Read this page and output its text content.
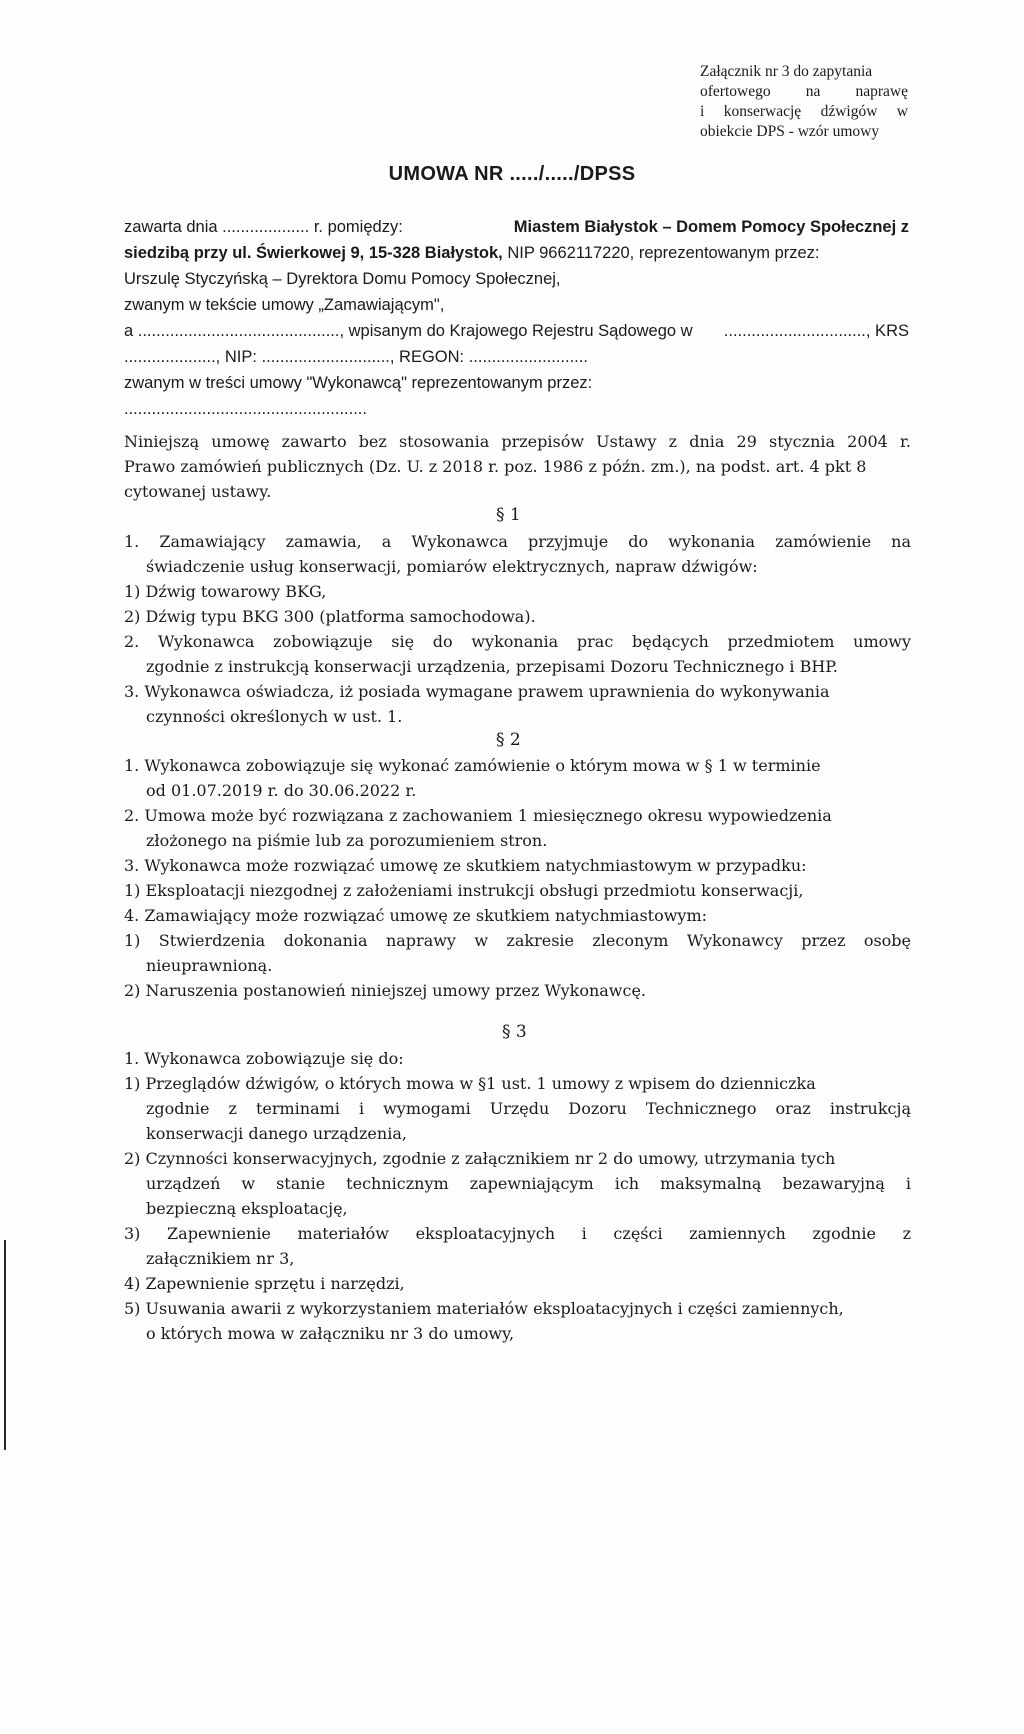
Załącznik nr 3 do zapytania
ofertowego na naprawę
i konserwację dźwigów w
obiekcie DPS - wzór umowy
UMOWA NR ...../...../DPSS
zawarta dnia ................... r. pomiędzy:	Miastem Białystok – Domem Pomocy Społecznej z
siedzibą przy ul. Świerkowej 9, 15-328 Białystok, NIP 9662117220, reprezentowanym przez:
Urszulę Styczyńską – Dyrektora Domu Pomocy Społecznej,
zwanym w tekście umowy „Zamawiającym",
a ............................................, wpisanym do Krajowego Rejestru Sądowego w ..............................., KRS
...................., NIP: ............................, REGON: ..........................
zwanym w treści umowy "Wykonawcą" reprezentowanym przez:
.....................................................
Niniejszą umowę zawarto bez stosowania przepisów Ustawy z dnia 29 stycznia 2004 r.
Prawo zamówień publicznych (Dz. U. z 2018 r. poz. 1986 z późn. zm.), na podst. art. 4 pkt 8
cytowanej ustawy.
§ 1
1. Zamawiający zamawia, a Wykonawca przyjmuje do wykonania zamówienie na
świadczenie usług konserwacji, pomiarów elektrycznych, napraw dźwigów:
1) Dźwig towarowy BKG,
2) Dźwig typu BKG 300 (platforma samochodowa).
2. Wykonawca zobowiązuje się do wykonania prac będących przedmiotem umowy
zgodnie z instrukcją konserwacji urządzenia, przepisami Dozoru Technicznego i BHP.
3. Wykonawca oświadcza, iż posiada wymagane prawem uprawnienia do wykonywania
czynności określonych w ust. 1.
§ 2
1. Wykonawca zobowiązuje się wykonać zamówienie o którym mowa w § 1 w terminie
od 01.07.2019 r. do 30.06.2022 r.
2. Umowa może być rozwiązana z zachowaniem 1 miesięcznego okresu wypowiedzenia
złożonego na piśmie lub za porozumieniem stron.
3. Wykonawca może rozwiązać umowę ze skutkiem natychmiastowym w przypadku:
1) Eksploatacji niezgodnej z założeniami instrukcji obsługi przedmiotu konserwacji,
4. Zamawiający może rozwiązać umowę ze skutkiem natychmiastowym:
1) Stwierdzenia dokonania naprawy w zakresie zleconym Wykonawcy przez osobę
nieuprawnioną.
2) Naruszenia postanowień niniejszej umowy przez Wykonawcę.
§ 3
1. Wykonawca zobowiązuje się do:
1) Przeglądów dźwigów, o których mowa w §1 ust. 1 umowy z wpisem do dzienniczka
zgodnie z terminami i wymogami Urzędu Dozoru Technicznego oraz instrukcją
konserwacji danego urządzenia,
2) Czynności konserwacyjnych, zgodnie z załącznikiem nr 2 do umowy, utrzymania tych
urządzeń w stanie technicznym zapewniającym ich maksymalną bezawaryjną i
bezpieczną eksploatację,
3) Zapewnienie materiałów eksploatacyjnych i części zamiennych zgodnie z
załącznikiem nr 3,
4) Zapewnienie sprzętu i narzędzi,
5) Usuwania awarii z wykorzystaniem materiałów eksploatacyjnych i części zamiennych,
o których mowa w załączniku nr 3 do umowy,
